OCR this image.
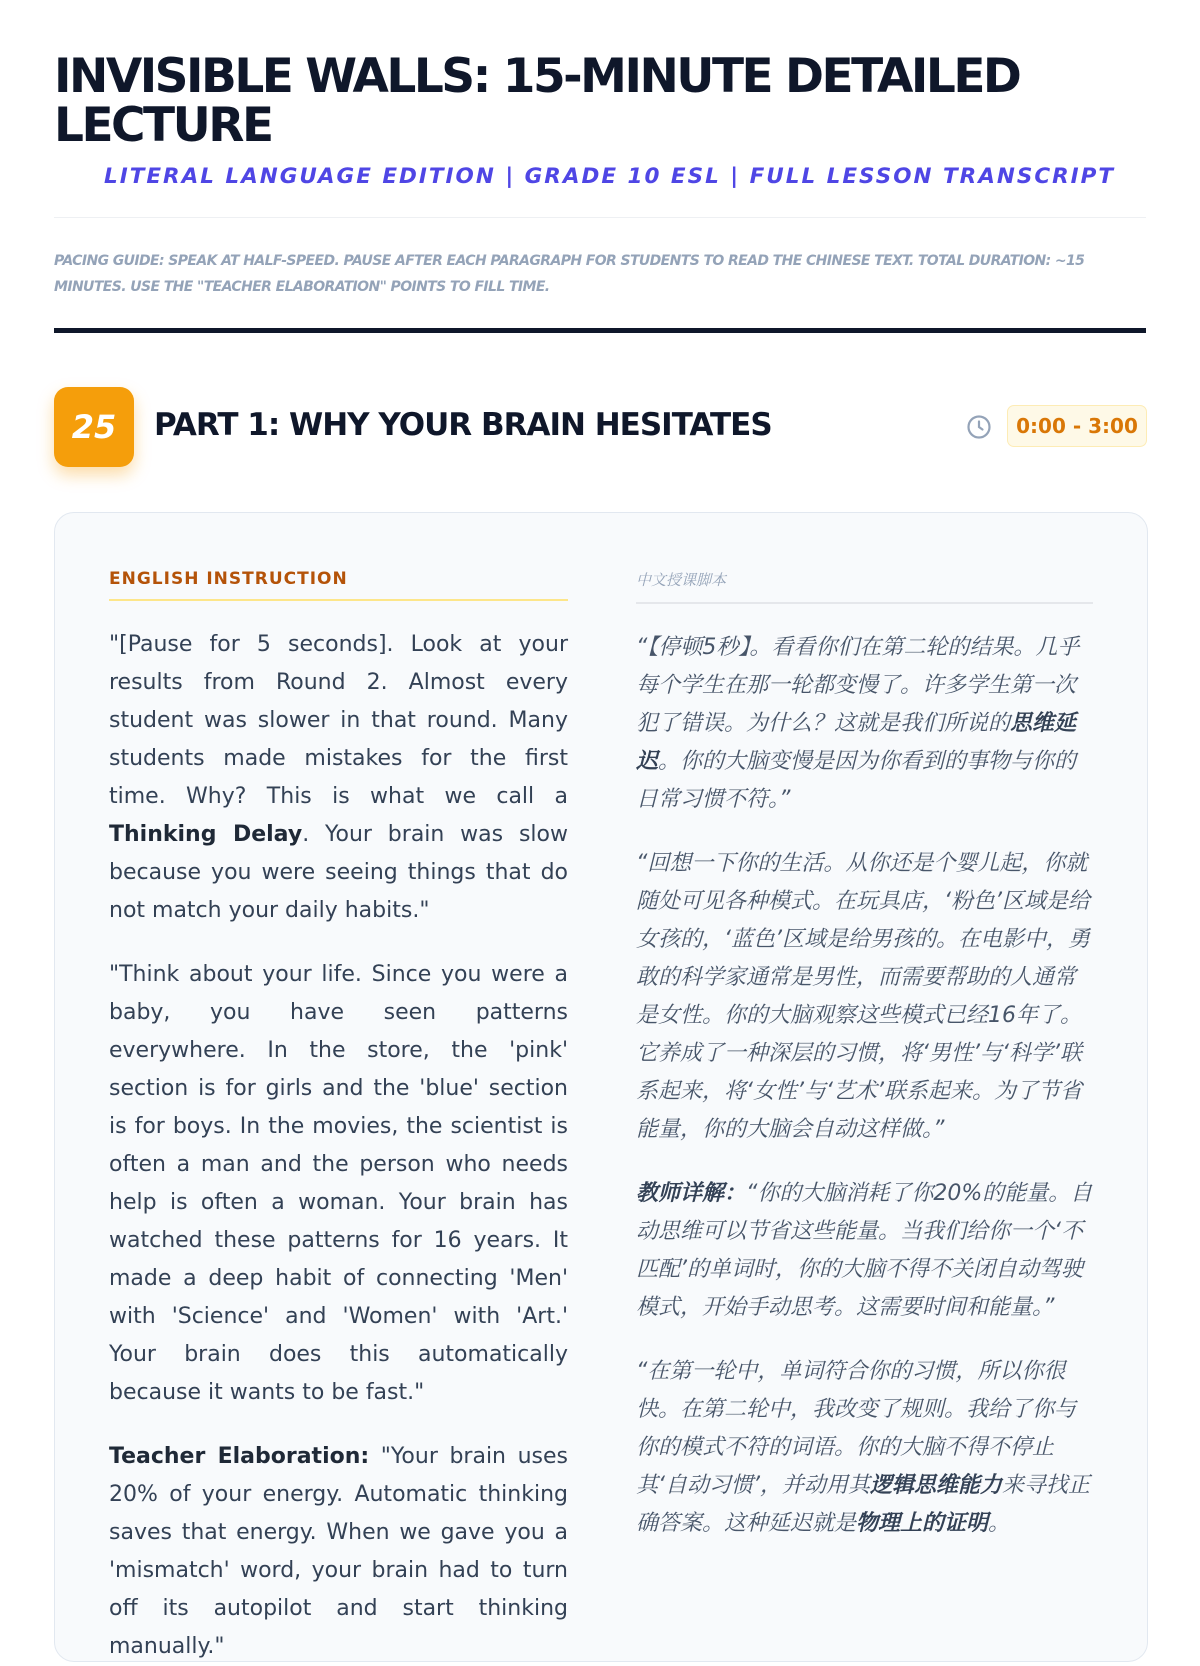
INVISIBLE WALLS: 15-MINUTE DETAILED LECTURE
LITERAL LANGUAGE EDITION | GRADE 10 ESL | FULL LESSON TRANSCRIPT

PACING GUIDE: SPEAK AT HALF-SPEED. PAUSE AFTER EACH PARAGRAPH FOR STUDENTS TO READ THE CHINESE TEXT. TOTAL DURATION: ~15 MINUTES. USE THE "TEACHER ELABORATION" POINTS TO FILL TIME.

25	PART 1: WHY YOUR BRAIN HESITATES	0:00 - 3:00
ENGLISH INSTRUCTION

"[Pause for 5 seconds]. Look at your results from Round 2. Almost every student was slower in that round. Many students made mistakes for the first time. Why? This is what we call a Thinking Delay. Your brain was slow because you were seeing things that do not match your daily habits."

"Think about your life. Since you were a baby, you have seen patterns everywhere. In the store, the 'pink' section is for girls and the 'blue' section is for boys. In the movies, the scientist is often a man and the person who needs help is often a woman. Your brain has watched these patterns for 16 years. It made a deep habit of connecting 'Men' with 'Science' and 'Women' with 'Art.' Your brain does this automatically because it wants to be fast."

Teacher Elaboration: "Your brain uses 20% of your energy. Automatic thinking saves that energy. When we gave you a 'mismatch' word, your brain had to turn off its autopilot and start thinking manually."

中文授课脚本

“【停顿5秒】。看看你们在第二轮的结果。几乎每个学生在那一轮都变慢了。许多学生第一次犯了错误。为什么？这就是我们所说的思维延迟。你的大脑变慢是因为你看到的事物与你的日常习惯不符。”

“回想一下你的生活。从你还是个婴儿起，你就随处可见各种模式。在玩具店，‘粉色’区域是给女孩的，‘蓝色’区域是给男孩的。在电影中，勇敢的科学家通常是男性，而需要帮助的人通常是女性。你的大脑观察这些模式已经16年了。它养成了一种深层的习惯，将‘男性’与‘科学’联系起来，将‘女性’与‘艺术’联系起来。为了节省能量，你的大脑会自动这样做。”

教师详解：“你的大脑消耗了你20%的能量。自动思维可以节省这些能量。当我们给你一个‘不匹配’的单词时，你的大脑不得不关闭自动驾驶模式，开始手动思考。这需要时间和能量。”

“在第一轮中，单词符合你的习惯，所以你很快。在第二轮中，我改变了规则。我给了你与你的模式不符的词语。你的大脑不得不停止其‘自动习惯’，并动用其逻辑思维能力来寻找正确答案。这种延迟就是物理上的证明。
